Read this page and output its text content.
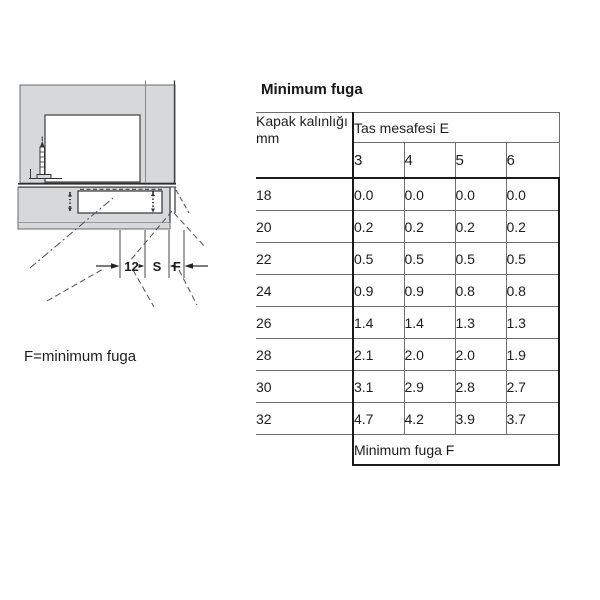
12 S F
F=minimum fuga
Minimum fuga
Kapak kalınlığı mm	Tas mesafesi E			
	3	4	5	6
18	0.0	0.0	0.0	0.0
20	0.2	0.2	0.2	0.2
22	0.5	0.5	0.5	0.5
24	0.9	0.9	0.8	0.8
26	1.4	1.4	1.3	1.3
28	2.1	2.0	2.0	1.9
30	3.1	2.9	2.8	2.7
32	4.7	4.2	3.9	3.7
	Minimum fuga F			
